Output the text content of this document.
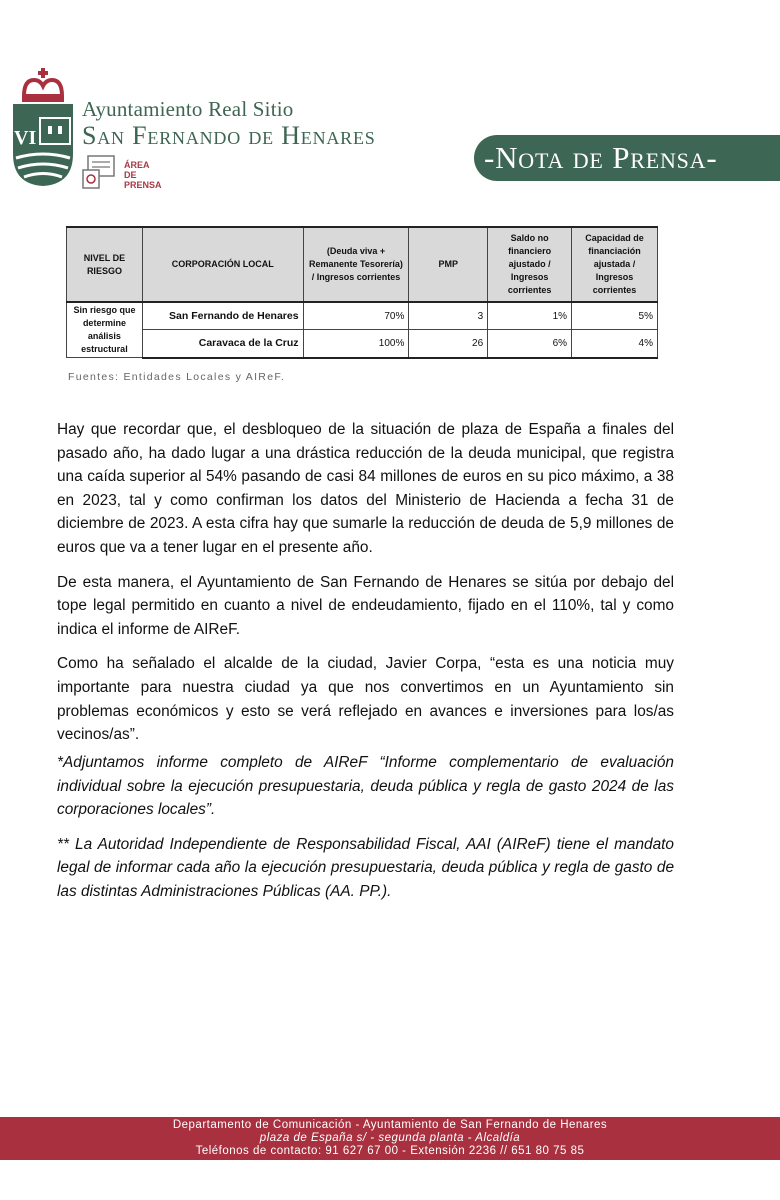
VI
Ayuntamiento Real Sitio
San Fernando de Henares
ÁREA DE
PRENSA
-Nota de Prensa-
NIVEL DE RIESGO	CORPORACIÓN LOCAL	(Deuda viva + Remanente Tesorería) / Ingresos corrientes	PMP	Saldo no financiero ajustado / Ingresos corrientes	Capacidad de financiación ajustada / Ingresos corrientes
Sin riesgo que determine análisis estructural	San Fernando de Henares	70%	3	1%	5%
	Caravaca de la Cruz	100%	26	6%	4%
Fuentes: Entidades Locales y AIReF.

Hay que recordar que, el desbloqueo de la situación de plaza de España a finales del pasado año, ha dado lugar a una drástica reducción de la deuda municipal, que registra una caída superior al 54% pasando de casi 84 millones de euros en su pico máximo, a 38 en 2023, tal y como confirman los datos del Ministerio de Hacienda a fecha 31 de diciembre de 2023. A esta cifra hay que sumarle la reducción de deuda de 5,9 millones de euros que va a tener lugar en el presente año.

De esta manera, el Ayuntamiento de San Fernando de Henares se sitúa por debajo del tope legal permitido en cuanto a nivel de endeudamiento, fijado en el 110%, tal y como indica el informe de AIReF.

Como ha señalado el alcalde de la ciudad, Javier Corpa, “esta es una noticia muy importante para nuestra ciudad ya que nos convertimos en un Ayuntamiento sin problemas económicos y esto se verá reflejado en avances e inversiones para los/as vecinos/as”.

*Adjuntamos informe completo de AIReF “Informe complementario de evaluación individual sobre la ejecución presupuestaria, deuda pública y regla de gasto 2024 de las corporaciones locales”.

** La Autoridad Independiente de Responsabilidad Fiscal, AAI (AIReF) tiene el mandato legal de informar cada año la ejecución presupuestaria, deuda pública y regla de gasto de las distintas Administraciones Públicas (AA. PP.).

Departamento de Comunicación - Ayuntamiento de San Fernando de Henares
plaza de España s/ - segunda planta - Alcaldía
Teléfonos de contacto: 91 627 67 00 - Extensión 2236 // 651 80 75 85
